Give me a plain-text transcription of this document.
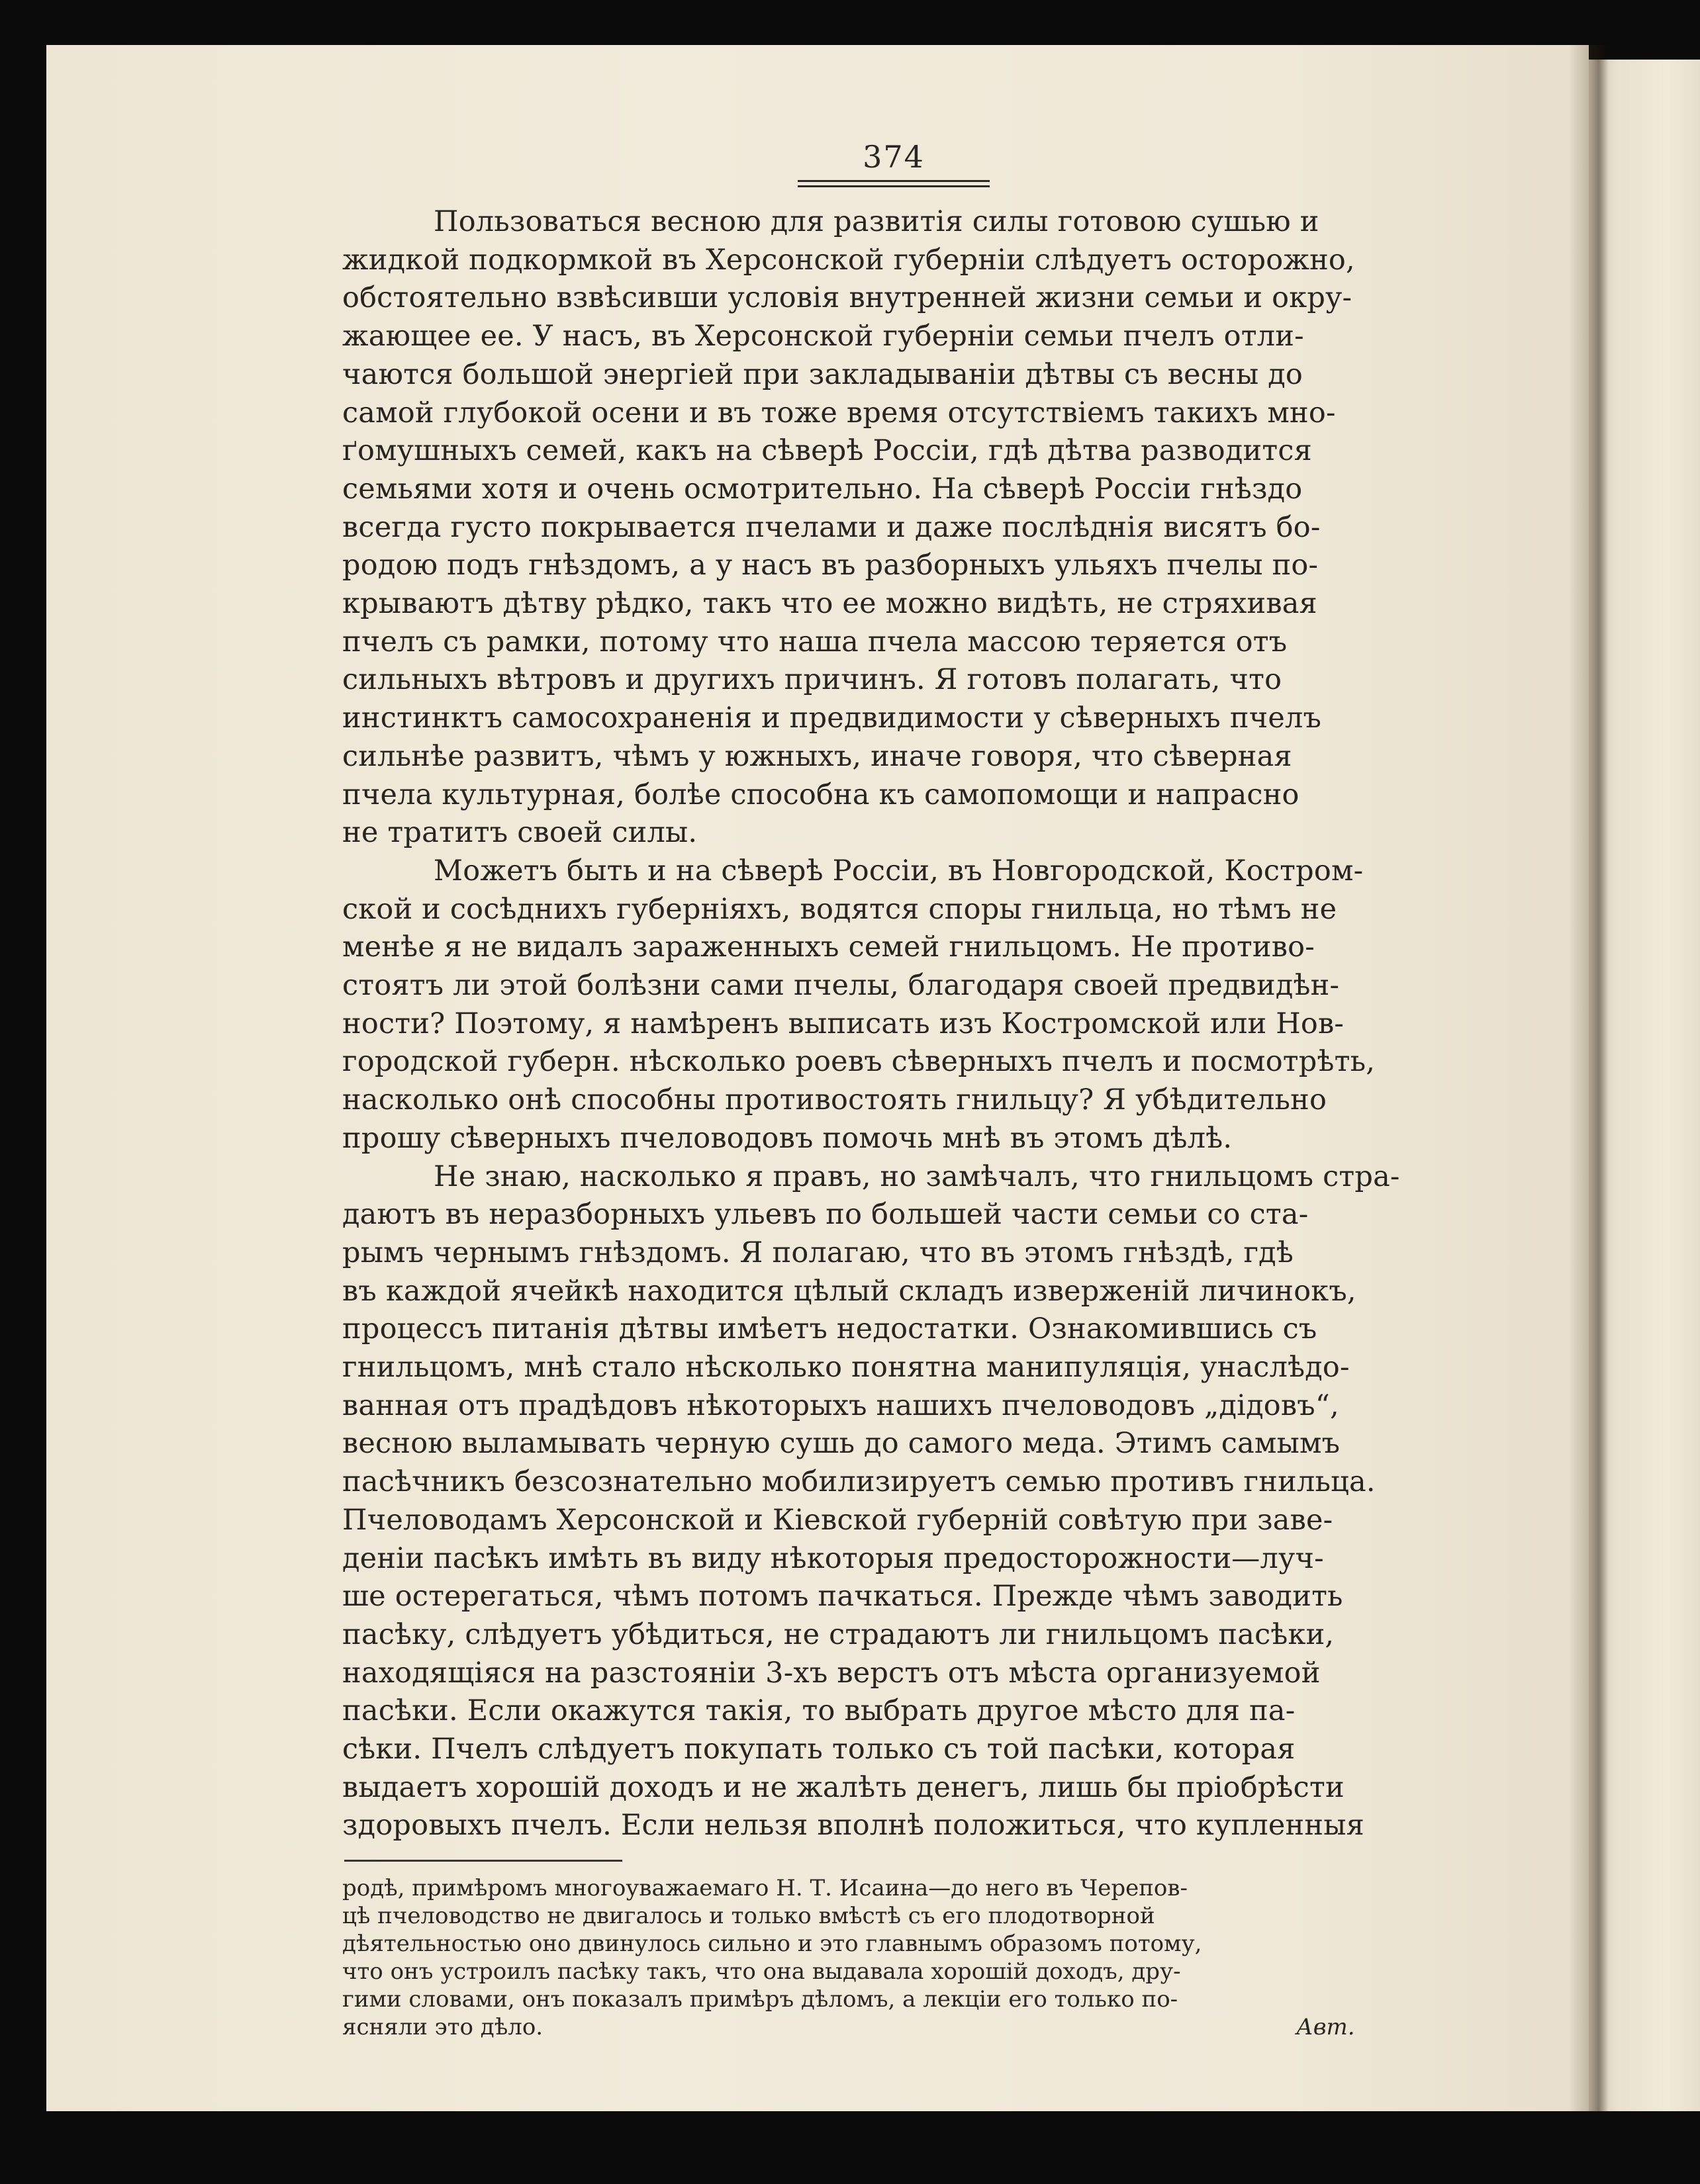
374
Пользоваться весною для развитія силы готовою сушью и
жидкой подкормкой въ Херсонской губерніи слѣдуетъ осторожно,
обстоятельно взвѣсивши условія внутренней жизни семьи и окру-
жающее ее. У насъ, въ Херсонской губерніи семьи пчелъ отли-
чаются большой энергіей при закладываніи дѣтвы съ весны до
самой глубокой осени и въ тоже время отсутствіемъ такихъ мно-
ґомушныхъ семей, какъ на сѣверѣ Россіи, гдѣ дѣтва разводится
семьями хотя и очень осмотрительно. На сѣверѣ Россіи гнѣздо
всегда густо покрывается пчелами и даже послѣднія висятъ бо-
родою подъ гнѣздомъ, а у насъ въ разборныхъ ульяхъ пчелы по-
крываютъ дѣтву рѣдко, такъ что ее можно видѣть, не стряхивая
пчелъ съ рамки, потому что наша пчела массою теряется отъ
сильныхъ вѣтровъ и другихъ причинъ. Я готовъ полагать, что
инстинктъ самосохраненія и предвидимости у сѣверныхъ пчелъ
сильнѣе развитъ, чѣмъ у южныхъ, иначе говоря, что сѣверная
пчела культурная, болѣе способна къ самопомощи и напрасно
не тратитъ своей силы.
Можетъ быть и на сѣверѣ Россіи, въ Новгородской, Костром-
ской и сосѣднихъ губерніяхъ, водятся споры гнильца, но тѣмъ не
менѣе я не видалъ зараженныхъ семей гнильцомъ. Не противо-
стоятъ ли этой болѣзни сами пчелы, благодаря своей предвидѣн-
ности? Поэтому, я намѣренъ выписать изъ Костромской или Нов-
городской губерн. нѣсколько роевъ сѣверныхъ пчелъ и посмотрѣть,
насколько онѣ способны противостоять гнильцу? Я убѣдительно
прошу сѣверныхъ пчеловодовъ помочь мнѣ въ этомъ дѣлѣ.
Не знаю, насколько я правъ, но замѣчалъ, что гнильцомъ стра-
даютъ въ неразборныхъ ульевъ по большей части семьи со ста-
рымъ чернымъ гнѣздомъ. Я полагаю, что въ этомъ гнѣздѣ, гдѣ
въ каждой ячейкѣ находится цѣлый складъ изверженій личинокъ,
процессъ питанія дѣтвы имѣетъ недостатки. Ознакомившись съ
гнильцомъ, мнѣ стало нѣсколько понятна манипуляція, унаслѣдо-
ванная отъ прадѣдовъ нѣкоторыхъ нашихъ пчеловодовъ „дідовъ“,
весною выламывать черную сушь до самого меда. Этимъ самымъ
пасѣчникъ безсознательно мобилизируетъ семью противъ гнильца.
Пчеловодамъ Херсонской и Кіевской губерній совѣтую при заве-
деніи пасѣкъ имѣть въ виду нѣкоторыя предосторожности—луч-
ше остерегаться, чѣмъ потомъ пачкаться. Прежде чѣмъ заводить
пасѣку, слѣдуетъ убѣдиться, не страдаютъ ли гнильцомъ пасѣки,
находящіяся на разстояніи 3-хъ верстъ отъ мѣста организуемой
пасѣки. Если окажутся такія, то выбрать другое мѣсто для па-
сѣки. Пчелъ слѣдуетъ покупать только съ той пасѣки, которая
выдаетъ хорошій доходъ и не жалѣть денегъ, лишь бы пріобрѣсти
здоровыхъ пчелъ. Если нельзя вполнѣ положиться, что купленныя
родѣ, примѣромъ многоуважаемаго Н. Т. Исаина—до него въ Черепов-
цѣ пчеловодство не двигалось и только вмѣстѣ съ его плодотворной
дѣятельностью оно двинулось сильно и это главнымъ образомъ потому,
что онъ устроилъ пасѣку такъ, что она выдавала хорошій доходъ, дру-
гими словами, онъ показалъ примѣръ дѣломъ, а лекціи его только по-
ясняли это дѣло.	Авт.
